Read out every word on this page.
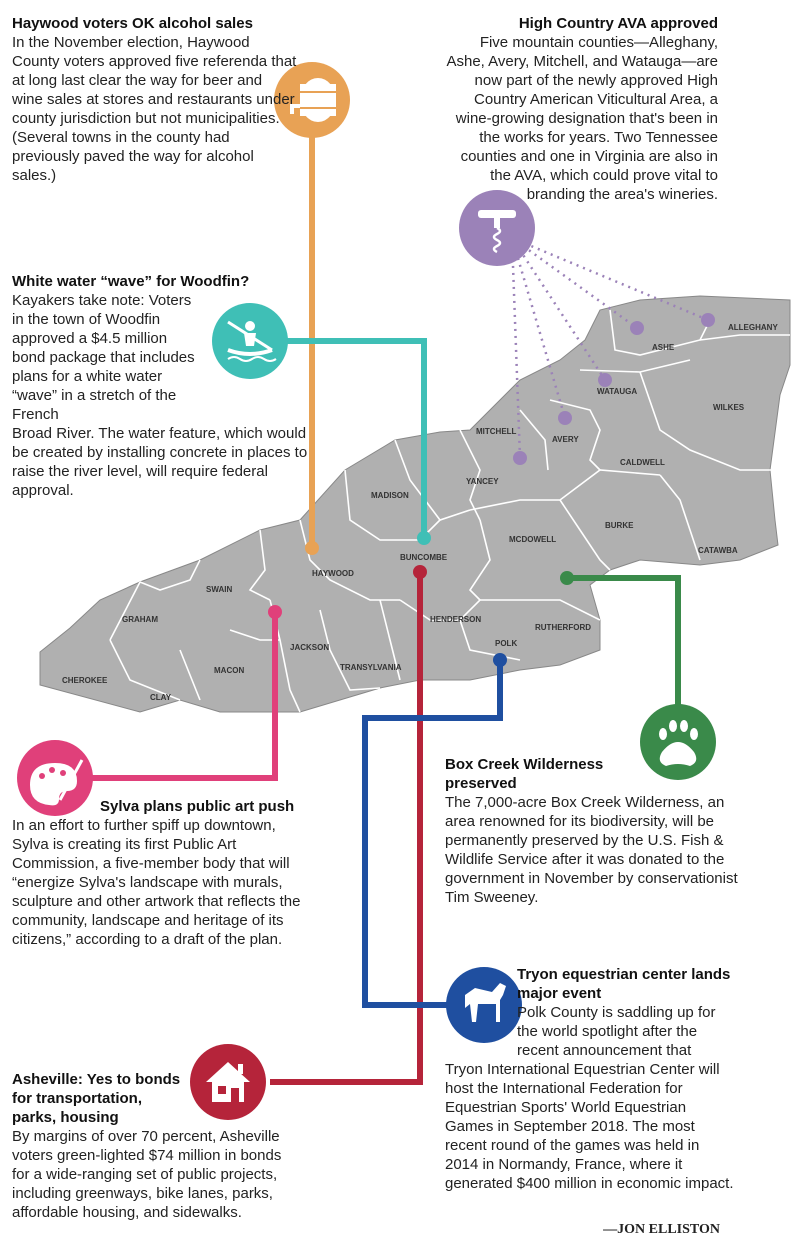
ALLEGHANY
ASHE
WATAUGA
WILKES
MITCHELL
AVERY
CALDWELL
YANCEY
MADISON
BURKE
MCDOWELL
CATAWBA
BUNCOMBE
HAYWOOD
SWAIN
GRAHAM	HENDERSON
RUTHERFORD
POLK
JACKSON
TRANSYLVANIA
MACON
CHEROKEE
CLAY
Haywood voters OK alcohol sales

In the November election, Haywood County voters approved five referenda that at long last clear the way for beer and wine sales at stores and restaurants under county jurisdiction but not municipalities. (Several towns in the county had previously paved the way for alcohol sales.)

High Country AVA approved

Five mountain counties—Alleghany, Ashe, Avery, Mitchell, and Watauga—are now part of the newly approved High Country American Viticultural Area, a wine-growing designation that's been in the works for years. Two Tennessee counties and one in Virginia are also in the AVA, which could prove vital to branding the area's wineries.

White water “wave” for Woodfin?

Kayakers take note: Voters in the town of Woodfin approved a $4.5 million bond package that includes plans for a white water “wave” in a stretch of the French

Broad River. The water feature, which would be created by installing concrete in places to raise the river level, will require federal approval.

Sylva plans public art push

In an effort to further spiff up downtown, Sylva is creating its first Public Art Commission, a five-member body that will “energize Sylva's landscape with murals, sculpture and other artwork that reflects the community, landscape and heritage of its citizens,” according to a draft of the plan.

Box Creek Wilderness preserved

The 7,000-acre Box Creek Wilderness, an area renowned for its biodiversity, will be permanently preserved by the U.S. Fish & Wildlife Service after it was donated to the government in November by conservationist Tim Sweeney.

Tryon equestrian center lands major event

Polk County is saddling up for the world spotlight after the recent announcement that

Tryon International Equestrian Center will host the International Federation for Equestrian Sports' World Equestrian Games in September 2018. The most recent round of the games was held in 2014 in Normandy, France, where it generated $400 million in economic impact.

Asheville: Yes to bonds for transportation, parks, housing

By margins of over 70 percent, Asheville voters green-lighted $74 million in bonds for a wide-ranging set of public projects, including greenways, bike lanes, parks, affordable housing, and sidewalks.

—JON ELLISTON
